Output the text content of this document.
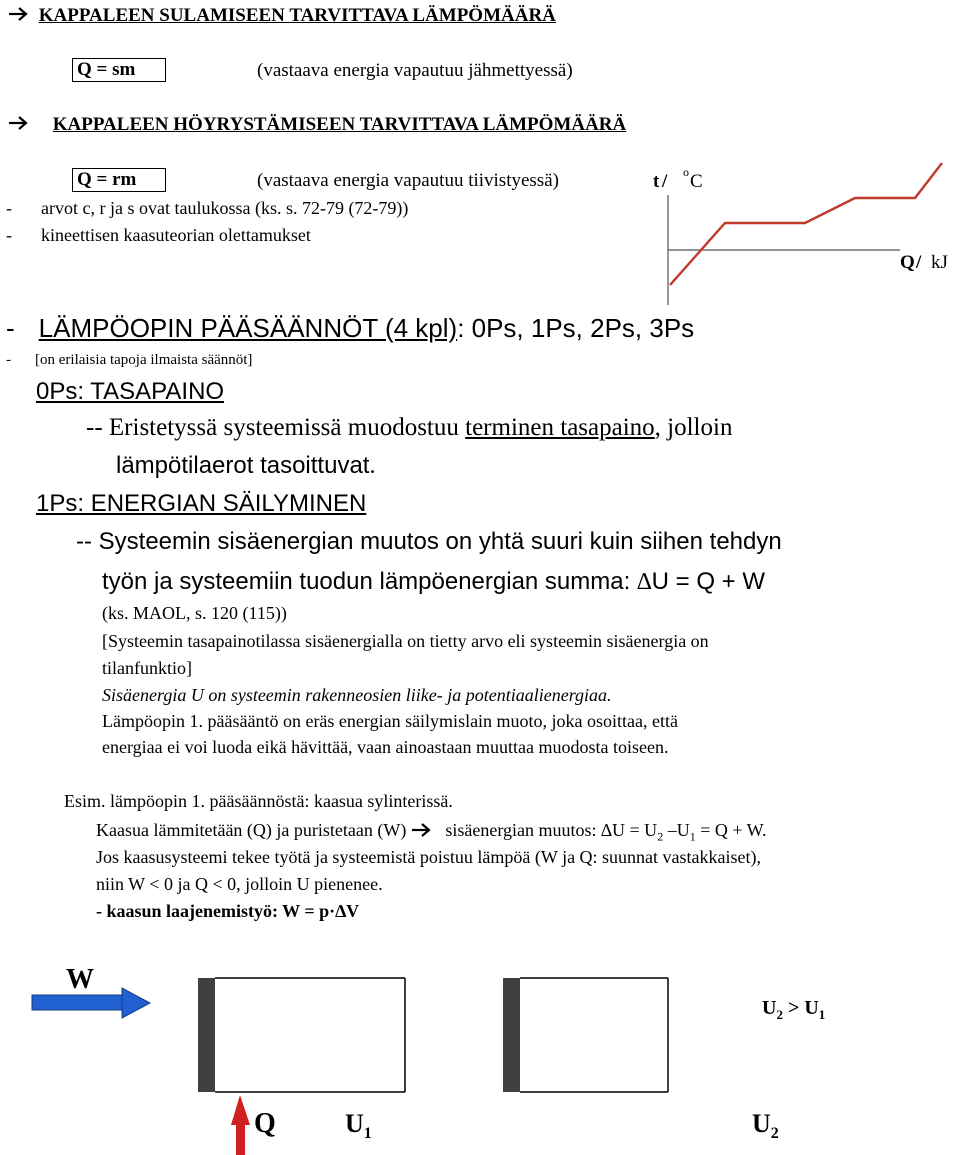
KAPPALEEN SULAMISEEN TARVITTAVA LÄMPÖMÄÄRÄ
Q = sm	(vastaava energia vapautuu jähmettyessä)
KAPPALEEN HÖYRYSTÄMISEEN TARVITTAVA LÄMPÖMÄÄRÄ
Q = rm	(vastaava energia vapautuu tiivistyessä)
- arvot c, r ja s ovat taulukossa (ks. s. 72-79 (72-79))
- kineettisen kaasuteorian olettamukset
t / o C
Q / kJ
- LÄMPÖOPIN PÄÄSÄÄNNÖT (4 kpl): 0Ps, 1Ps, 2Ps, 3Ps
- [on erilaisia tapoja ilmaista säännöt]
0Ps: TASAPAINO
-- Eristetyssä systeemissä muodostuu terminen tasapaino, jolloin
lämpötilaerot tasoittuvat.
1Ps: ENERGIAN SÄILYMINEN
-- Systeemin sisäenergian muutos on yhtä suuri kuin siihen tehdyn
työn ja systeemiin tuodun lämpöenergian summa: ∆U = Q + W
(ks. MAOL, s. 120 (115))
[Systeemin tasapainotilassa sisäenergialla on tietty arvo eli systeemin sisäenergia on
tilanfunktio]
Sisäenergia U on systeemin rakenneosien liike- ja potentiaalienergiaa.
Lämpöopin 1. pääsääntö on eräs energian säilymislain muoto, joka osoittaa, että
energiaa ei voi luoda eikä hävittää, vaan ainoastaan muuttaa muodosta toiseen.
Esim. lämpöopin 1. pääsäännöstä: kaasua sylinterissä.
Kaasua lämmitetään (Q) ja puristetaan (W) sisäenergian muutos: $\Delta U = U_2$ $-U_1 = Q + W$.
Jos kaasusysteemi tekee työtä ja systeemistä poistuu lämpöä (W ja Q: suunnat vastakkaiset),
niin W < 0 ja Q < 0, jolloin U pienenee.
- kaasun laajenemistyö: W = p·∆V
W
$U_2 > U_1$
Q	$U_1$	$U_2$
